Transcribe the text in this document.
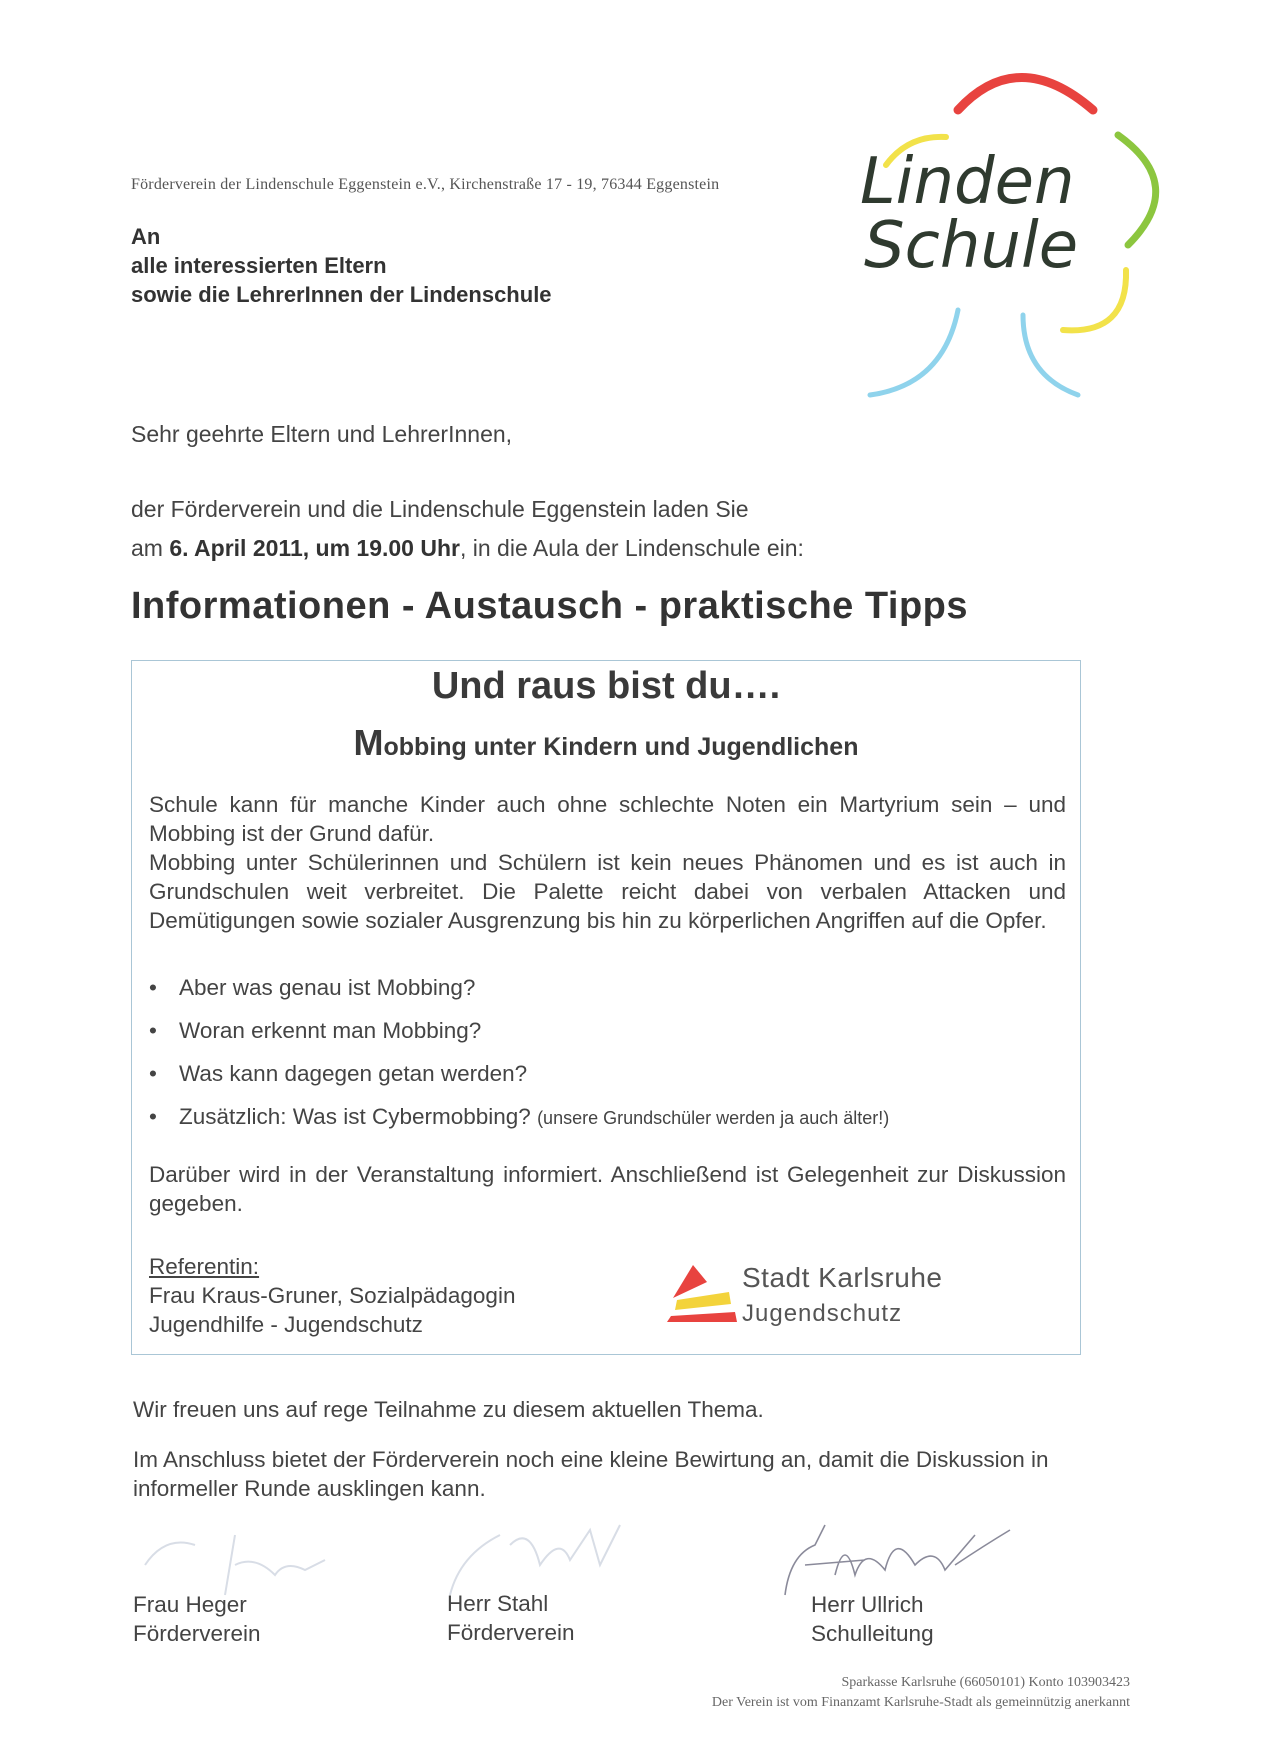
Förderverein der Lindenschule Eggenstein e.V., Kirchenstraße 17 - 19, 76344 Eggenstein Linden
Schule
An
alle interessierten Eltern
sowie die LehrerInnen der Lindenschule
Sehr geehrte Eltern und LehrerInnen,
der Förderverein und die Lindenschule Eggenstein laden Sie
am 6. April 2011, um 19.00 Uhr, in die Aula der Lindenschule ein:
Informationen - Austausch - praktische Tipps
Und raus bist du….
Mobbing unter Kindern und Jugendlichen
Schule kann für manche Kinder auch ohne schlechte Noten ein Martyrium sein – und Mobbing ist der Grund dafür.
Mobbing unter Schülerinnen und Schülern ist kein neues Phänomen und es ist auch in Grundschulen weit verbreitet. Die Palette reicht dabei von verbalen Attacken und Demütigungen sowie sozialer Ausgrenzung bis hin zu körperlichen Angriffen auf die Opfer.
• Aber was genau ist Mobbing?
• Woran erkennt man Mobbing?
• Was kann dagegen getan werden?
• Zusätzlich: Was ist Cybermobbing? (unsere Grundschüler werden ja auch älter!)
Darüber wird in der Veranstaltung informiert. Anschließend ist Gelegenheit zur Diskussion gegeben.
Referentin:
Frau Kraus-Gruner, Sozialpädagogin
Jugendhilfe - Jugendschutz
Stadt Karlsruhe
Jugendschutz
Wir freuen uns auf rege Teilnahme zu diesem aktuellen Thema.
Im Anschluss bietet der Förderverein noch eine kleine Bewirtung an, damit die Diskussion in informeller Runde ausklingen kann.
Frau Heger
Förderverein
Herr Stahl
Förderverein
Herr Ullrich
Schulleitung
Sparkasse Karlsruhe (66050101) Konto 103903423
Der Verein ist vom Finanzamt Karlsruhe-Stadt als gemeinnützig anerkannt
